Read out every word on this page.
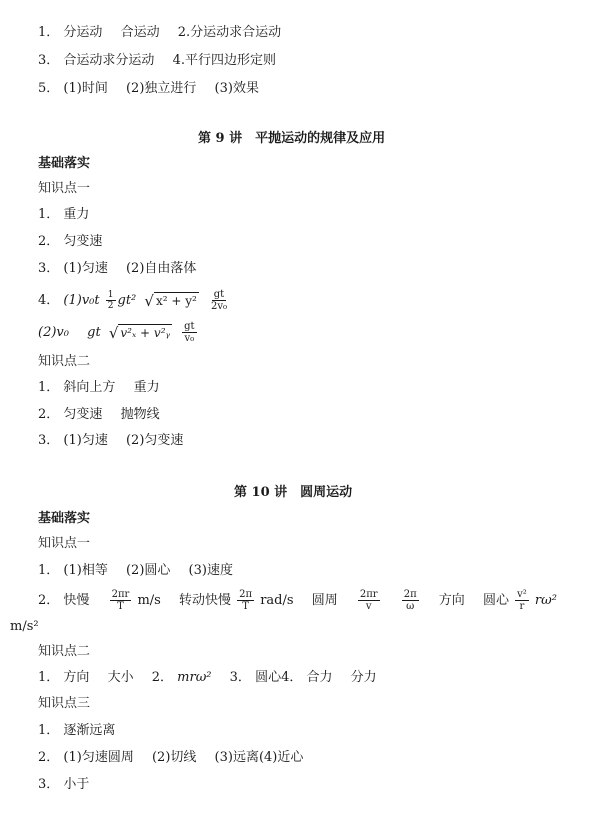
1． 分运动 合运动 2.分运动求合运动
3． 合运动求分运动 4.平行四边形定则
5． (1)时间 (2)独立进行 (3)效果
第 9 讲　平抛运动的规律及应用
基础落实
知识点一
1． 重力
2． 匀变速
3． (1)匀速 (2)自由落体
4． $(1)v_0t \frac{1}{2} gt^2$ √ x² + y²
$\frac{gt}{\text{2v₀}}$
(2)v₀ gt √ v²ₓ + v²ᵧ
$\frac{gt}{\text{v₀}}$
知识点二
1． 斜向上方 重力
2． 匀变速 抛物线
3． (1)匀速 (2)匀变速
第 10 讲　圆周运动
基础落实
知识点一
1． (1)相等 (2)圆心 (3)速度
2． 快慢 $\frac{2\pi r}{T} m/s$ 转动快慢 $\frac{2\pi}{T} rad/s$ 圆周 $\frac{2\pi r}{v}$
$\frac{2\pi}{\omega}$ 方向 圆心 $\frac{\text{v²}}{r} r\omega^2$
m/s²
知识点二
1． 方向 大小 2． mrω² 3． 圆心4． 合力 分力
知识点三
1． 逐渐远离
2． (1)匀速圆周 (2)切线 (3)远离(4)近心
3． 小于
